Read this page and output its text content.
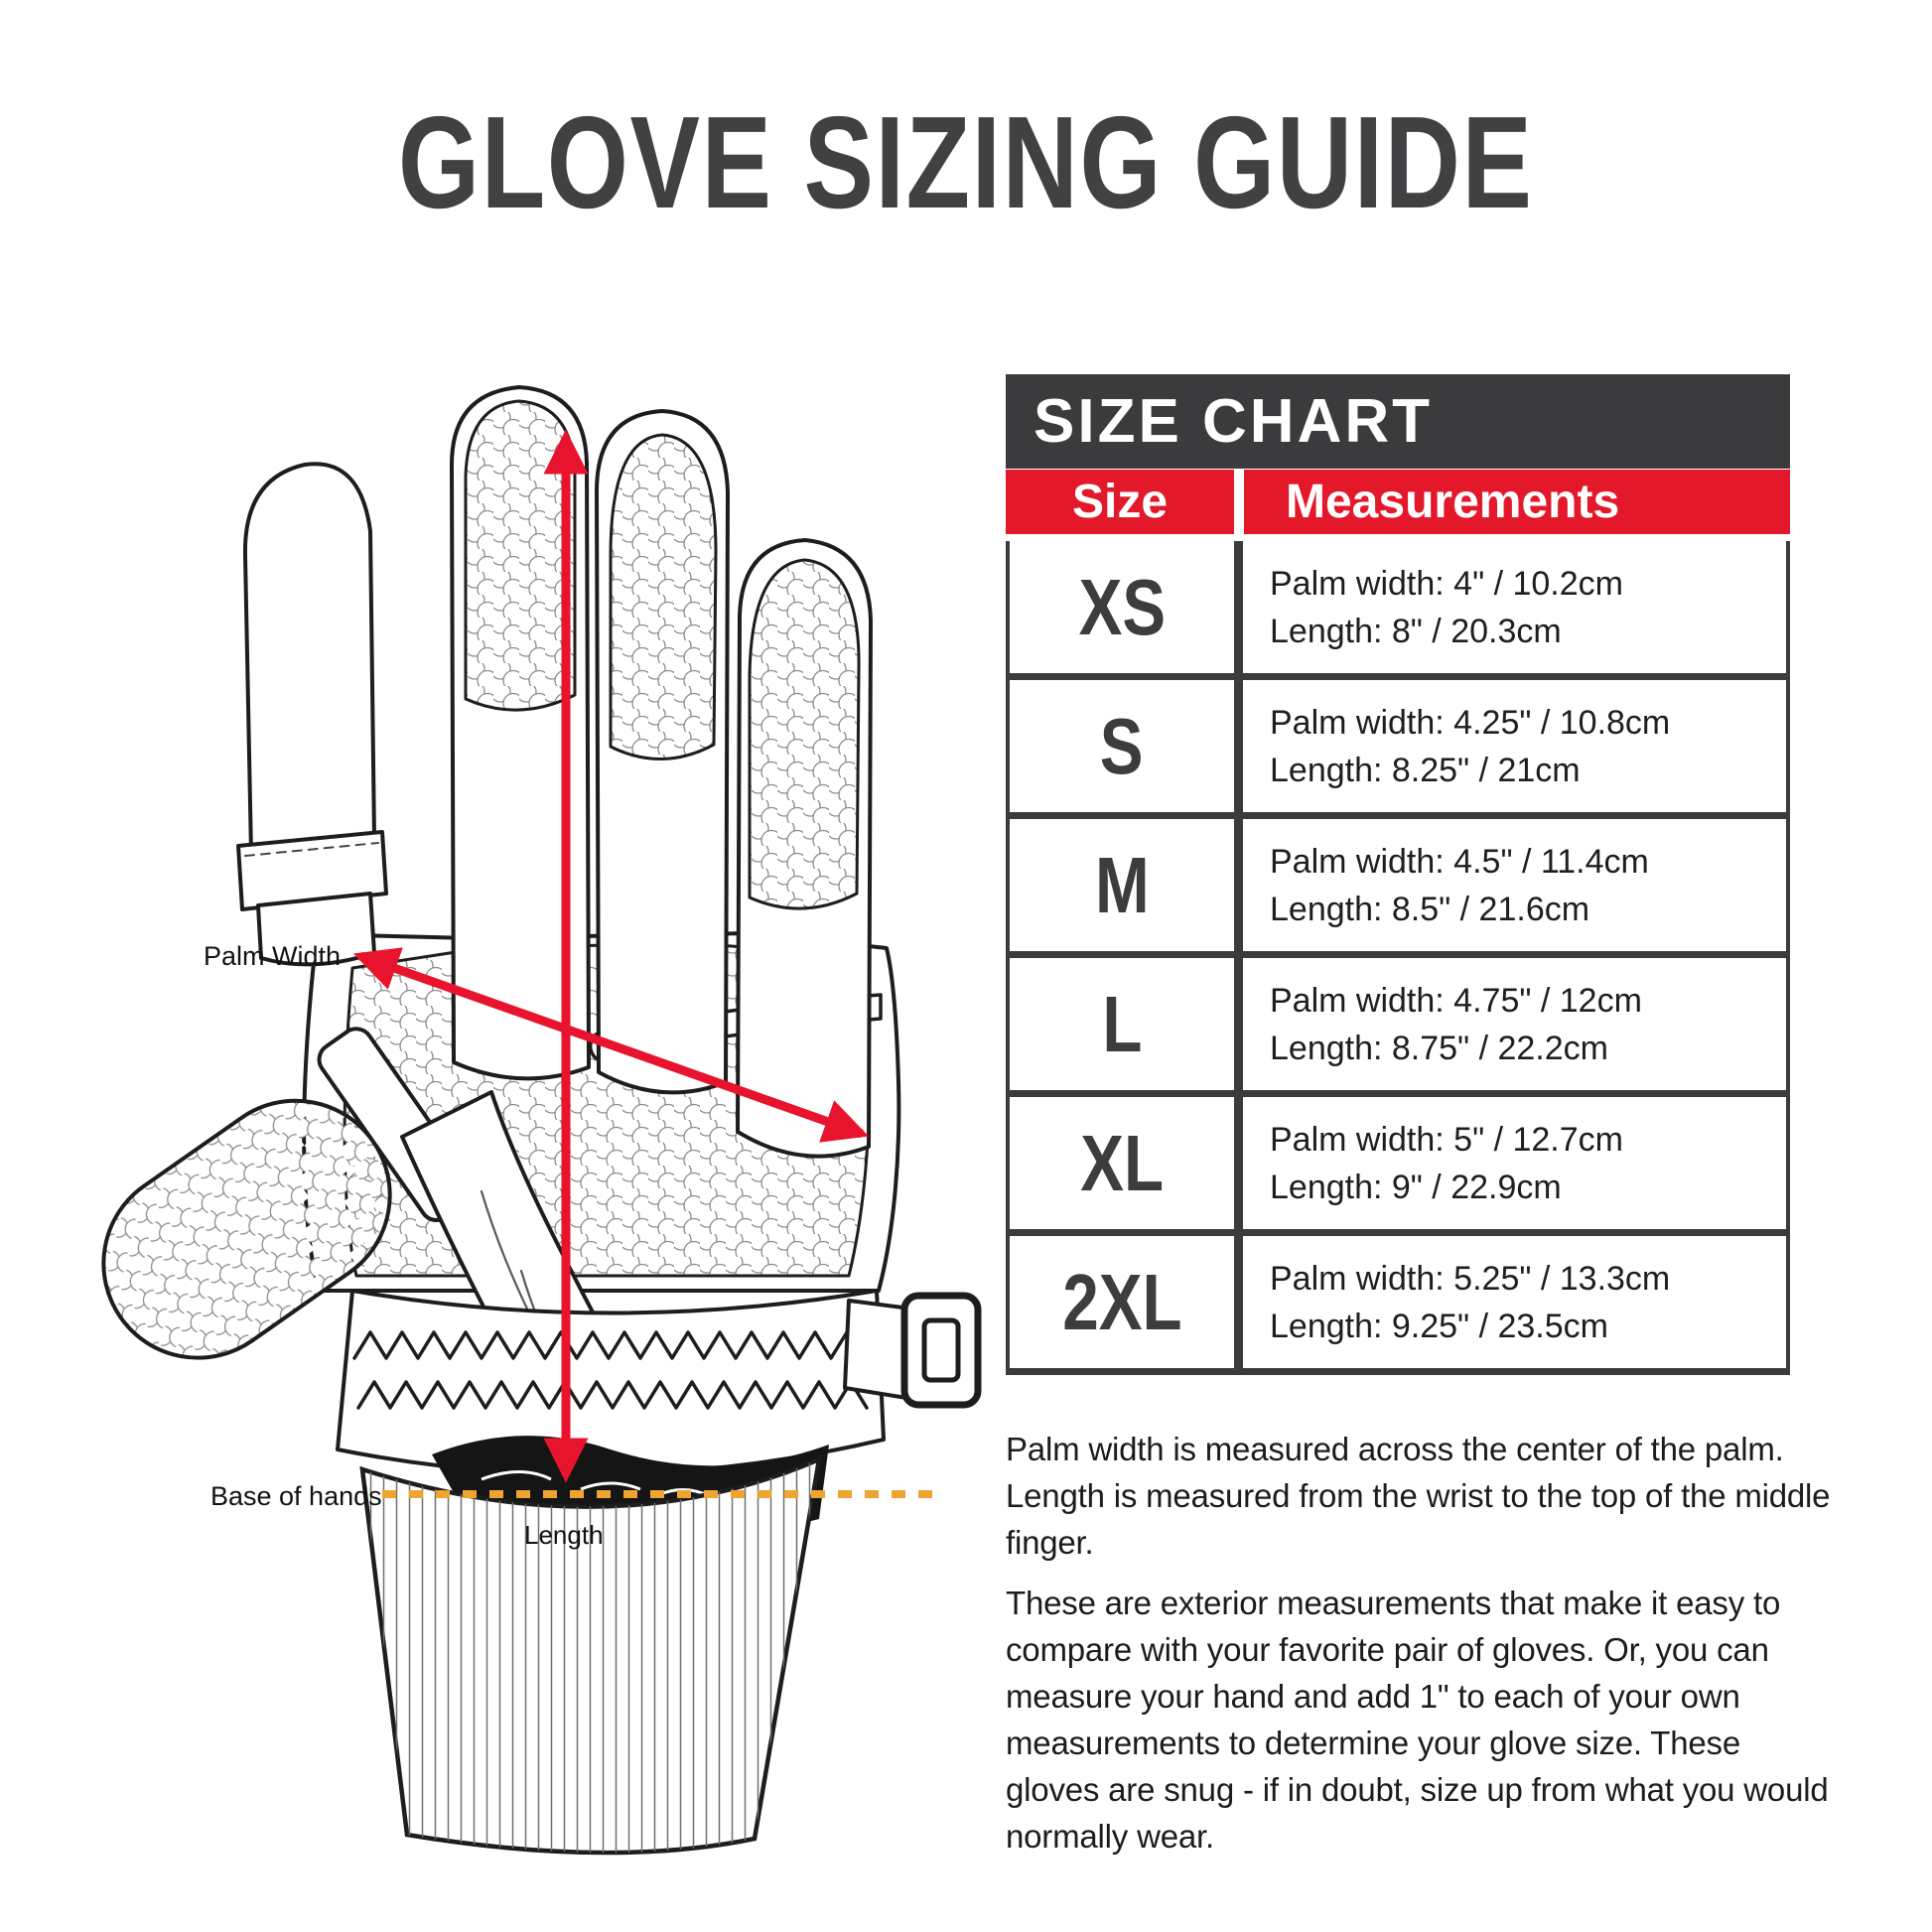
GLOVE SIZING GUIDE
Palm Width
Base of hands
Length
SIZE CHART
Size Measurements
XS	Palm width: 4" / 10.2cm
Length: 8" / 20.3cm
S	Palm width: 4.25" / 10.8cm
Length: 8.25" / 21cm
M	Palm width: 4.5" / 11.4cm
Length: 8.5" / 21.6cm
L	Palm width: 4.75" / 12cm
Length: 8.75" / 22.2cm
XL	Palm width: 5" / 12.7cm
Length: 9" / 22.9cm
2XL	Palm width: 5.25" / 13.3cm
Length: 9.25" / 23.5cm

Palm width is measured across the center of the palm. Length is measured from the wrist to the top of the middle finger.

These are exterior measurements that make it easy to compare with your favorite pair of gloves. Or, you can measure your hand and add 1" to each of your own measurements to determine your glove size. These gloves are snug - if in doubt, size up from what you would normally wear.
